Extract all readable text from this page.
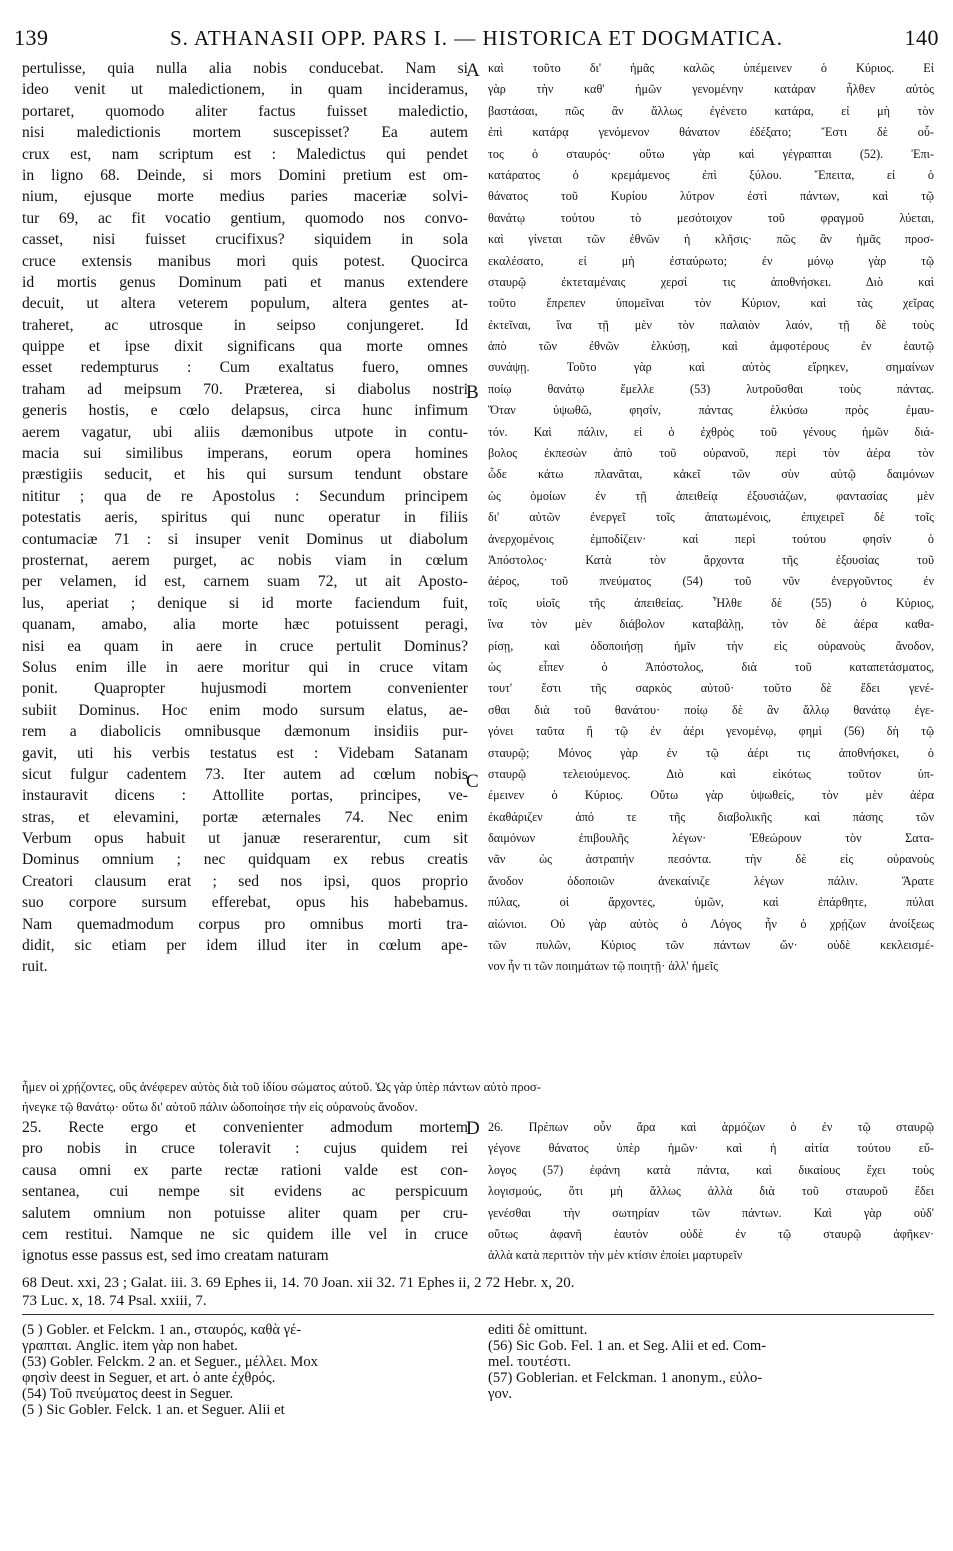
139	S. ATHANASII OPP. PARS I. — HISTORICA ET DOGMATICA.	140
pertulisse, quia nulla alia nobis conducebat. Nam si
ideo venit ut maledictionem, in quam incideramus,
portaret, quomodo aliter factus fuisset maledictio,
nisi maledictionis mortem suscepisset? Ea autem
crux est, nam scriptum est : Maledictus qui pendet
in ligno 68. Deinde, si mors Domini pretium est om-
nium, ejusque morte medius paries maceriæ solvi-
tur 69, ac fit vocatio gentium, quomodo nos convo-
casset, nisi fuisset crucifixus? siquidem in sola
cruce extensis manibus mori quis potest. Quocirca
id mortis genus Dominum pati et manus extendere
decuit, ut altera veterem populum, altera gentes at-
traheret, ac utrosque in seipso conjungeret. Id
quippe et ipse dixit significans qua morte omnes
esset redempturus : Cum exaltatus fuero, omnes
traham ad meipsum 70. Præterea, si diabolus nostri
generis hostis, e cœlo delapsus, circa hunc infimum
aerem vagatur, ubi aliis dæmonibus utpote in contu-
macia sui similibus imperans, eorum opera homines
præstigiis seducit, et his qui sursum tendunt obstare
nititur ; qua de re Apostolus : Secundum principem
potestatis aeris, spiritus qui nunc operatur in filiis
contumaciæ 71 : si insuper venit Dominus ut diabolum
prosternat, aerem purget, ac nobis viam in cœlum
per velamen, id est, carnem suam 72, ut ait Aposto-
lus, aperiat ; denique si id morte faciendum fuit,
quanam, amabo, alia morte hæc potuissent peragi,
nisi ea quam in aere in cruce pertulit Dominus?
Solus enim ille in aere moritur qui in cruce vitam
ponit. Quapropter hujusmodi mortem convenienter
subiit Dominus. Hoc enim modo sursum elatus, ae-
rem a diabolicis omnibusque dæmonum insidiis pur-
gavit, uti his verbis testatus est : Videbam Satanam
sicut fulgur cadentem 73. Iter autem ad cœlum nobis
instauravit dicens : Attollite portas, principes, ve-
stras, et elevamini, portæ æternales 74. Nec enim
Verbum opus habuit ut januæ reserarentur, cum sit
Dominus omnium ; nec quidquam ex rebus creatis
Creatori clausum erat ; sed nos ipsi, quos proprio
suo corpore sursum efferebat, opus his habebamus.
Nam quemadmodum corpus pro omnibus morti tra-
didit, sic etiam per idem illud iter in cœlum ape-
ruit.
καὶ τοῦτο δι' ἡμᾶς καλῶς ὑπέμεινεν ὁ Κύριος. Εἰ
γὰρ τὴν καθ' ἡμῶν γενομένην κατάραν ἦλθεν αὐτὸς
βαστάσαι, πῶς ἂν ἄλλως ἐγένετο κατάρα, εἰ μὴ τὸν
ἐπὶ κατάρᾳ γενόμενον θάνατον ἐδέξατο; Ἔστι δὲ οὗ-
τος ὁ σταυρός· οὕτω γὰρ καὶ γέγραπται (52). Ἐπι-
κατάρατος ὁ κρεμάμενος ἐπὶ ξύλου. Ἔπειτα, εἰ ὁ
θάνατος τοῦ Κυρίου λύτρον ἐστὶ πάντων, καὶ τῷ
θανάτῳ τούτου τὸ μεσότοιχον τοῦ φραγμοῦ λύεται,
καὶ γίνεται τῶν ἐθνῶν ἡ κλῆσις· πῶς ἂν ἡμᾶς προσ-
εκαλέσατο, εἰ μὴ ἐσταύρωτο; ἐν μόνῳ γὰρ τῷ
σταυρῷ ἐκτεταμέναις χερσί τις ἀποθνήσκει. Διὸ καὶ
τοῦτο ἔπρεπεν ὑπομεῖναι τὸν Κύριον, καὶ τὰς χεῖρας
ἐκτεῖναι, ἵνα τῇ μὲν τὸν παλαιὸν λαόν, τῇ δὲ τοὺς
ἀπὸ τῶν ἐθνῶν ἑλκύσῃ, καὶ ἀμφοτέρους ἐν ἑαυτῷ
συνάψῃ. Τοῦτο γὰρ καὶ αὐτὸς εἴρηκεν, σημαίνων
ποίῳ θανάτῳ ἔμελλε (53) λυτροῦσθαι τοὺς πάντας.
Ὅταν ὑψωθῶ, φησίν, πάντας ἑλκύσω πρὸς ἐμαυ-
τόν. Καὶ πάλιν, εἰ ὁ ἐχθρὸς τοῦ γένους ἡμῶν διά-
βολος ἐκπεσὼν ἀπὸ τοῦ οὐρανοῦ, περὶ τὸν ἀέρα τὸν
ὧδε κάτω πλανᾶται, κἀκεῖ τῶν σὺν αὐτῷ δαιμόνων
ὡς ὁμοίων ἐν τῇ ἀπειθείᾳ ἐξουσιάζων, φαντασίας μὲν
δι' αὐτῶν ἐνεργεῖ τοῖς ἀπατωμένοις, ἐπιχειρεῖ δὲ τοῖς
ἀνερχομένοις ἐμποδίζειν· καὶ περὶ τούτου φησὶν ὁ
Ἀπόστολος· Κατὰ τὸν ἄρχοντα τῆς ἐξουσίας τοῦ
ἀέρος, τοῦ πνεύματος (54) τοῦ νῦν ἐνεργοῦντος ἐν
τοῖς υἱοῖς τῆς ἀπειθείας. Ἦλθε δὲ (55) ὁ Κύριος,
ἵνα τὸν μὲν διάβολον καταβάλῃ, τὸν δὲ ἀέρα καθα-
ρίσῃ, καὶ ὁδοποιήσῃ ἡμῖν τὴν εἰς οὐρανοὺς ἄνοδον,
ὡς εἶπεν ὁ Ἀπόστολος, διὰ τοῦ καταπετάσματος,
τουτ' ἔστι τῆς σαρκὸς αὐτοῦ· τοῦτο δὲ ἔδει γενέ-
σθαι διὰ τοῦ θανάτου· ποίῳ δὲ ἂν ἄλλῳ θανάτῳ ἐγε-
γόνει ταῦτα ἢ τῷ ἐν ἀέρι γενομένῳ, φημὶ (56) δὴ τῷ
σταυρῷ; Μόνος γὰρ ἐν τῷ ἀέρι τις ἀποθνήσκει, ὁ
σταυρῷ τελειούμενος. Διὸ καὶ εἰκότως τοῦτον ὑπ-
έμεινεν ὁ Κύριος. Οὕτω γὰρ ὑψωθείς, τὸν μὲν ἀέρα
ἐκαθάριζεν ἀπό τε τῆς διαβολικῆς καὶ πάσης τῶν
δαιμόνων ἐπιβουλῆς λέγων· Ἐθεώρουν τὸν Σατα-
νᾶν ὡς ἀστραπὴν πεσόντα. τὴν δὲ εἰς οὐρανοὺς
ἄνοδον ὁδοποιῶν ἀνεκαίνιζε λέγων πάλιν. Ἄρατε
πύλας, οἱ ἄρχοντες, ὑμῶν, καὶ ἐπάρθητε, πύλαι
αἰώνιοι. Οὐ γὰρ αὐτὸς ὁ Λόγος ἦν ὁ χρῄζων ἀνοίξεως
τῶν πυλῶν, Κύριος τῶν πάντων ὤν· οὐδὲ κεκλεισμέ-
νον ἦν τι τῶν ποιημάτων τῷ ποιητῇ· ἀλλ' ἡμεῖς
A
B
C
D
ἦμεν οἱ χρῄζοντες, οὓς ἀνέφερεν αὐτὸς διὰ τοῦ ἰδίου σώματος αὐτοῦ. Ὡς γὰρ ὑπὲρ πάντων αὐτὸ προσ-
ήνεγκε τῷ θανάτῳ· οὕτω δι' αὐτοῦ πάλιν ὡδοποίησε τὴν εἰς οὐρανοὺς ἄνοδον.
25. Recte ergo et convenienter admodum mortem
pro nobis in cruce toleravit : cujus quidem rei
causa omni ex parte rectæ rationi valde est con-
sentanea, cui nempe sit evidens ac perspicuum
salutem omnium non potuisse aliter quam per cru-
cem restitui. Namque ne sic quidem ille vel in cruce
ignotus esse passus est, sed imo creatam naturam
26. Πρέπων οὖν ἄρα καὶ ἁρμόζων ὁ ἐν τῷ σταυρῷ
γέγονε θάνατος ὑπὲρ ἡμῶν· καὶ ἡ αἰτία τούτου εὔ-
λογος (57) ἐφάνη κατὰ πάντα, καὶ δικαίους ἔχει τοὺς
λογισμούς, ὅτι μὴ ἄλλως ἀλλὰ διὰ τοῦ σταυροῦ ἔδει
γενέσθαι τὴν σωτηρίαν τῶν πάντων. Καὶ γὰρ οὐδ'
οὕτως ἀφανῆ ἑαυτὸν οὐδὲ ἐν τῷ σταυρῷ ἀφῆκεν·
ἀλλὰ κατὰ περιττὸν τὴν μὲν κτίσιν ἐποίει μαρτυρεῖν
68 Deut. xxi, 23 ; Galat. iii. 3. 69 Ephes ii, 14. 70 Joan. xii 32. 71 Ephes ii, 2 72 Hebr. x, 20.
73 Luc. x, 18. 74 Psal. xxiii, 7.
(5 ) Gobler. et Felckm. 1 an., σταυρός, καθὰ γέ-
γραπται. Anglic. item γὰρ non habet.
(53) Gobler. Felckm. 2 an. et Seguer., μέλλει. Mox
φησὶν deest in Seguer, et art. ὁ ante ἐχθρός.
(54) Τοῦ πνεύματος deest in Seguer.
(5 ) Sic Gobler. Felck. 1 an. et Seguer. Alii et
editi δὲ omittunt.
(56) Sic Gob. Fel. 1 an. et Seg. Alii et ed. Com-
mel. τουτέστι.
(57) Goblerian. et Felckman. 1 anonym., εὐλο-
γον.
